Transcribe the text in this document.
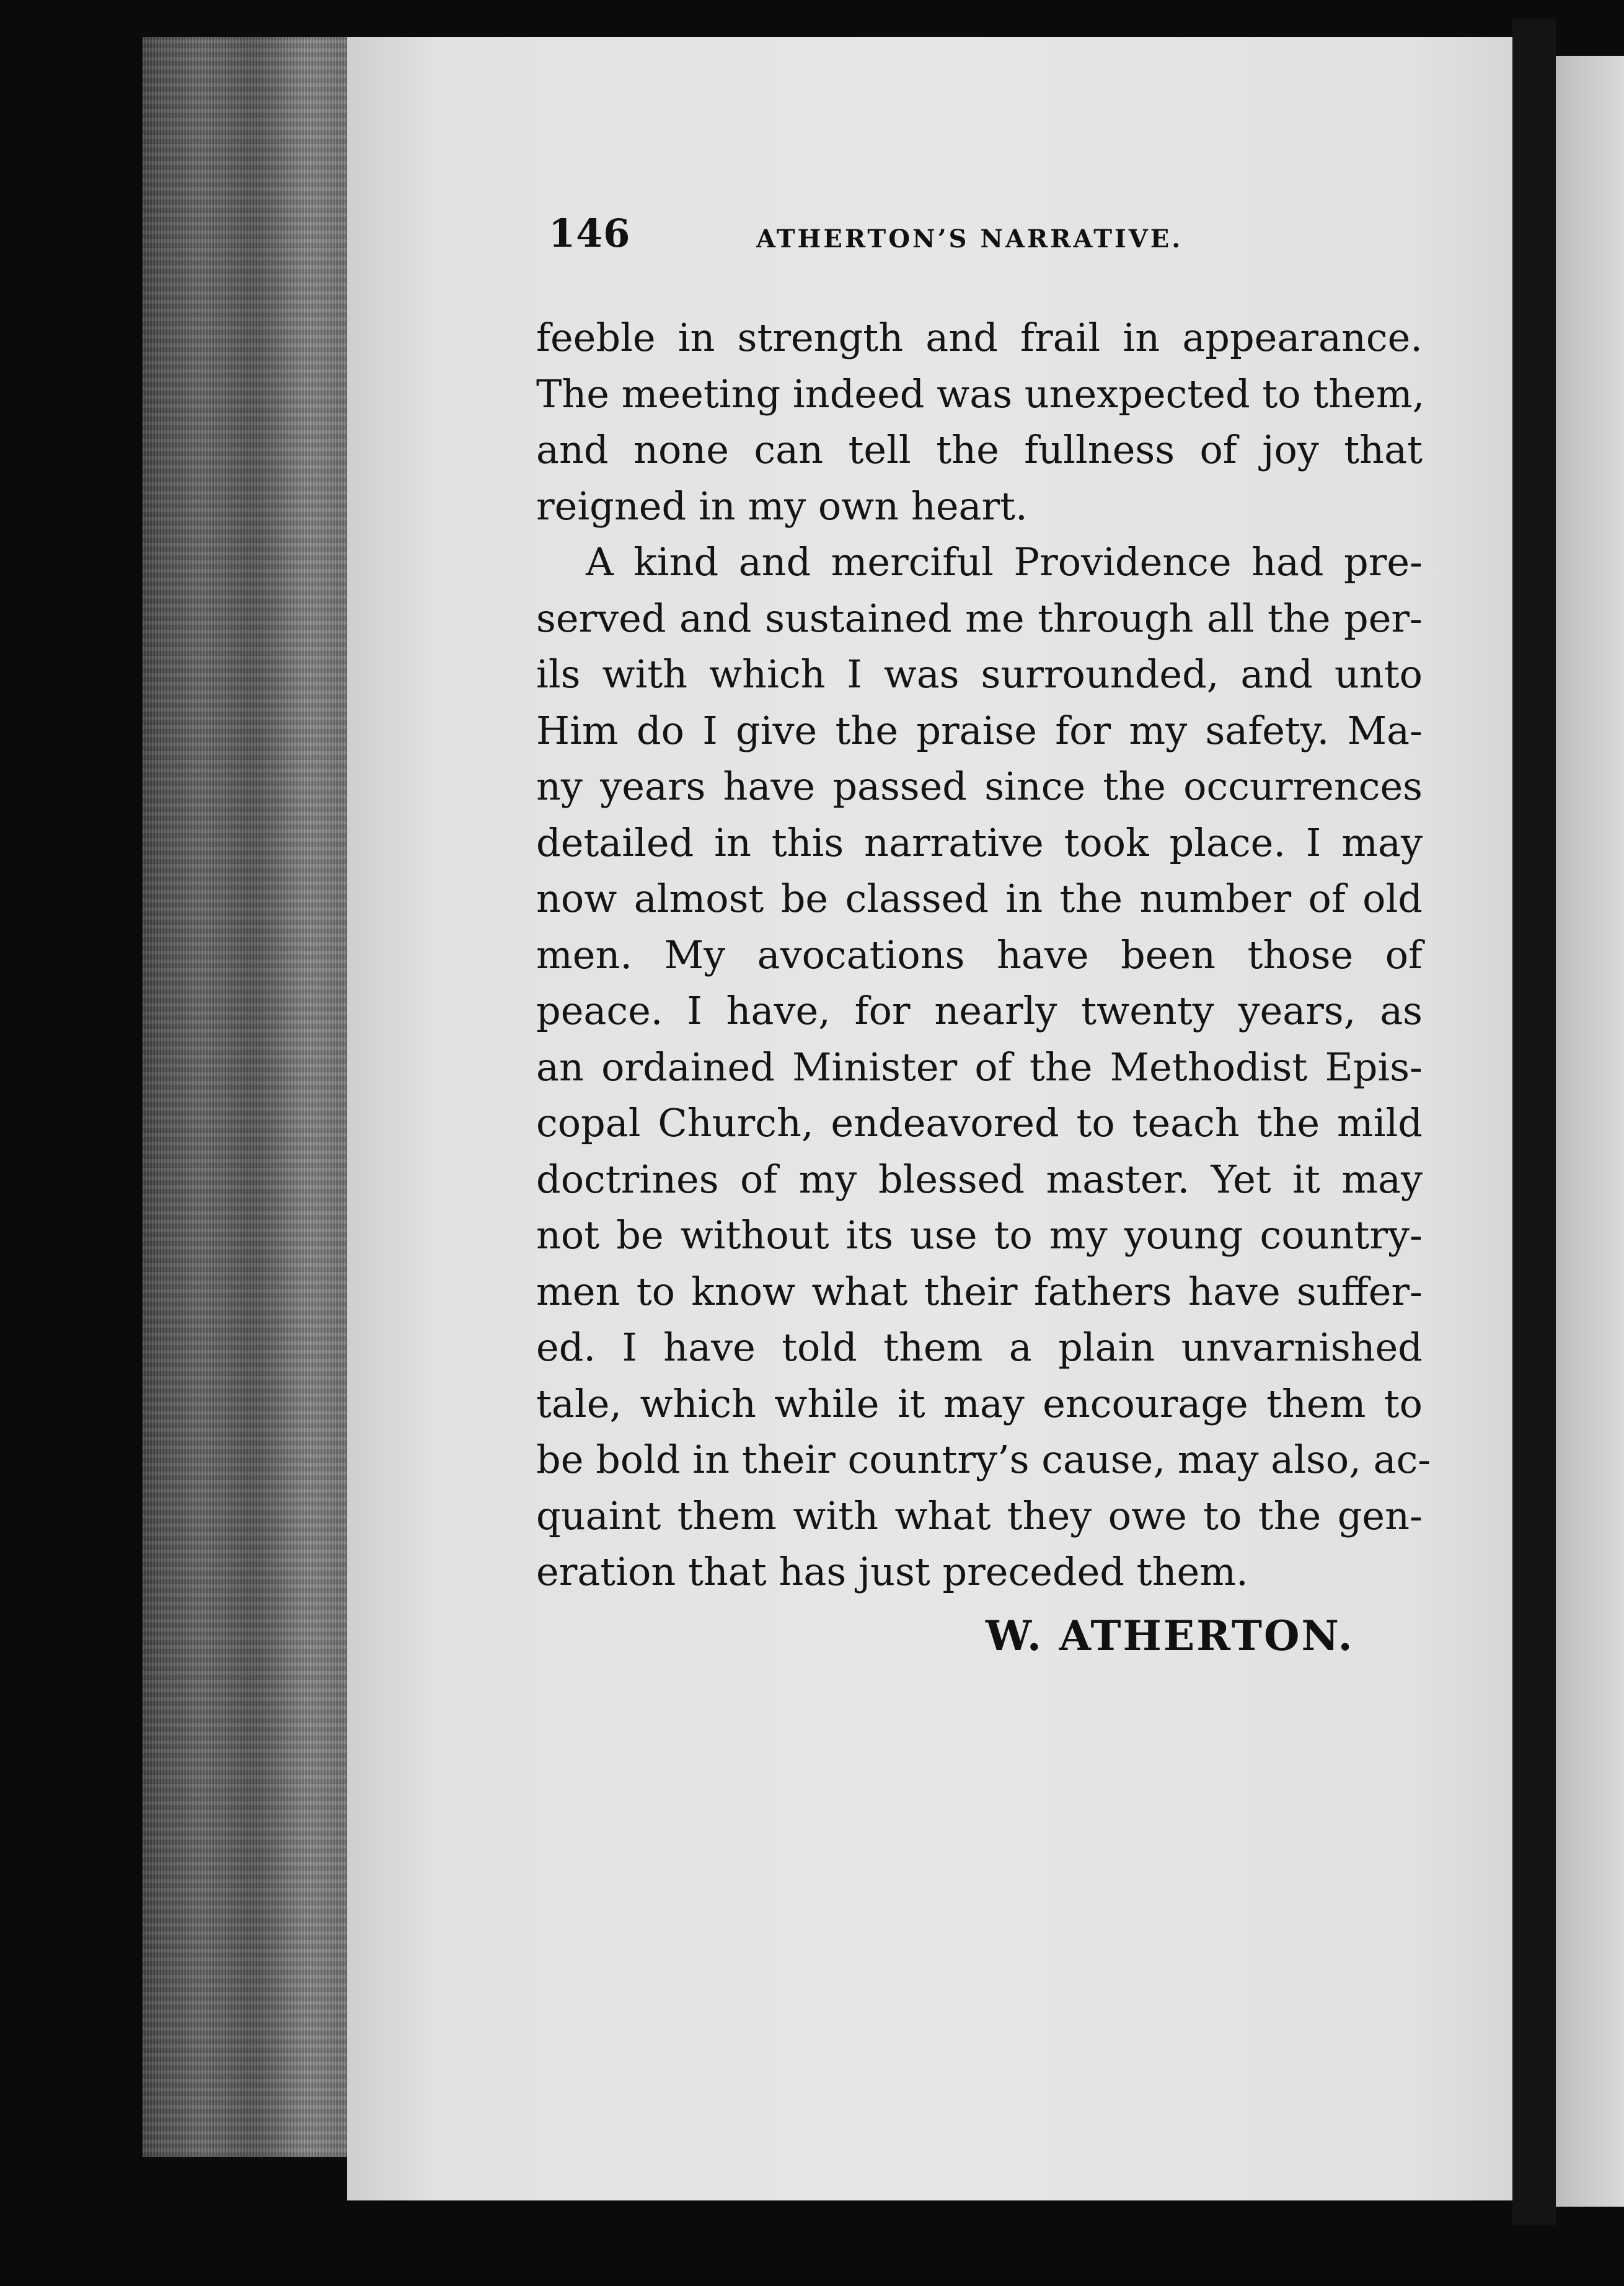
146	ATHERTON’S NARRATIVE.
feeble in strength and frail in appearance.
The meeting indeed was unexpected to them,
and none can tell the fullness of joy that
reigned in my own heart.
A kind and merciful Providence had pre-
served and sustained me through all the per-
ils with which I was surrounded, and unto
Him do I give the praise for my safety. Ma-
ny years have passed since the occurrences
detailed in this narrative took place. I may
now almost be classed in the number of old
men. My avocations have been those of
peace. I have, for nearly twenty years, as
an ordained Minister of the Methodist Epis-
copal Church, endeavored to teach the mild
doctrines of my blessed master. Yet it may
not be without its use to my young country-
men to know what their fathers have suffer-
ed. I have told them a plain unvarnished
tale, which while it may encourage them to
be bold in their country’s cause, may also, ac-
quaint them with what they owe to the gen-
eration that has just preceded them.
W. ATHERTON.
